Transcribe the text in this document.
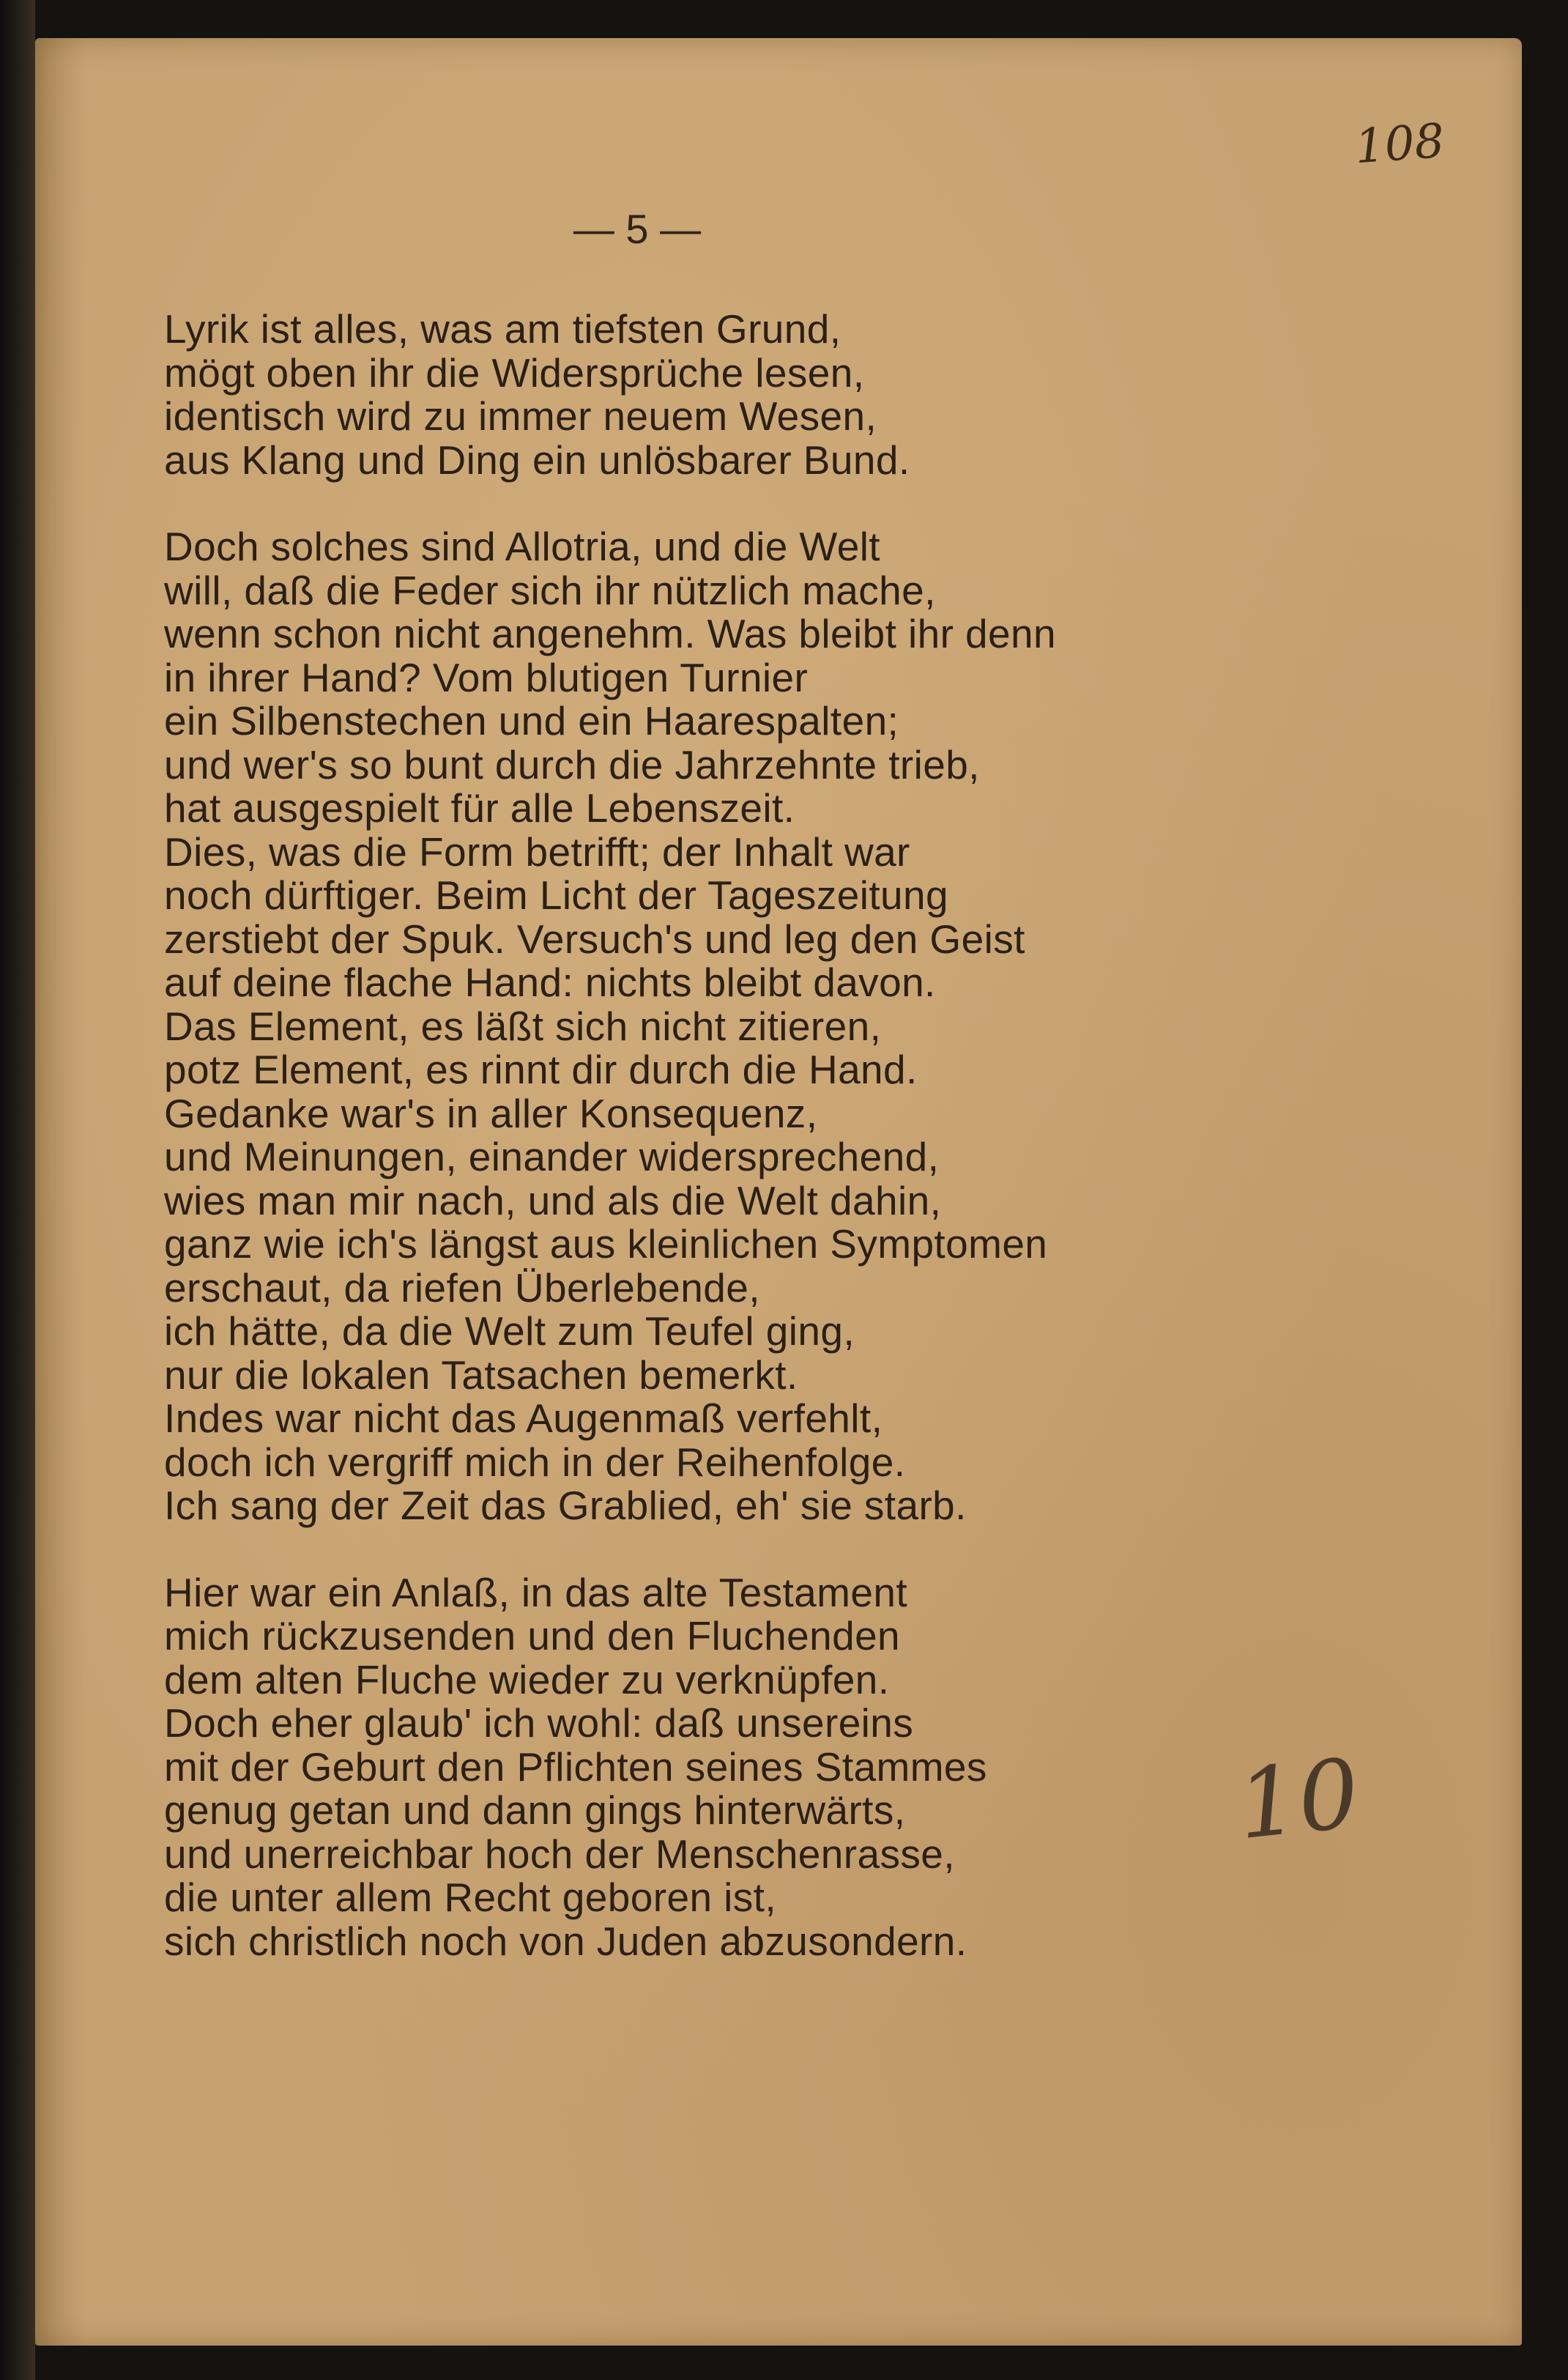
108
— 5 —
Lyrik ist alles, was am tiefsten Grund,
mögt oben ihr die Widersprüche lesen,
identisch wird zu immer neuem Wesen,
aus Klang und Ding ein unlösbarer Bund.
Doch solches sind Allotria, und die Welt
will, daß die Feder sich ihr nützlich mache,
wenn schon nicht angenehm. Was bleibt ihr denn
in ihrer Hand? Vom blutigen Turnier
ein Silbenstechen und ein Haarespalten;
und wer's so bunt durch die Jahrzehnte trieb,
hat ausgespielt für alle Lebenszeit.
Dies, was die Form betrifft; der Inhalt war
noch dürftiger. Beim Licht der Tageszeitung
zerstiebt der Spuk. Versuch's und leg den Geist
auf deine flache Hand: nichts bleibt davon.
Das Element, es läßt sich nicht zitieren,
potz Element, es rinnt dir durch die Hand.
Gedanke war's in aller Konsequenz,
und Meinungen, einander widersprechend,
wies man mir nach, und als die Welt dahin,
ganz wie ich's längst aus kleinlichen Symptomen
erschaut, da riefen Überlebende,
ich hätte, da die Welt zum Teufel ging,
nur die lokalen Tatsachen bemerkt.
Indes war nicht das Augenmaß verfehlt,
doch ich vergriff mich in der Reihenfolge.
Ich sang der Zeit das Grablied, eh' sie starb.
Hier war ein Anlaß, in das alte Testament
mich rückzusenden und den Fluchenden
dem alten Fluche wieder zu verknüpfen.
Doch eher glaub' ich wohl: daß unsereins
mit der Geburt den Pflichten seines Stammes
genug getan und dann gings hinterwärts,
und unerreichbar hoch der Menschenrasse,
die unter allem Recht geboren ist,
sich christlich noch von Juden abzusondern.
10
